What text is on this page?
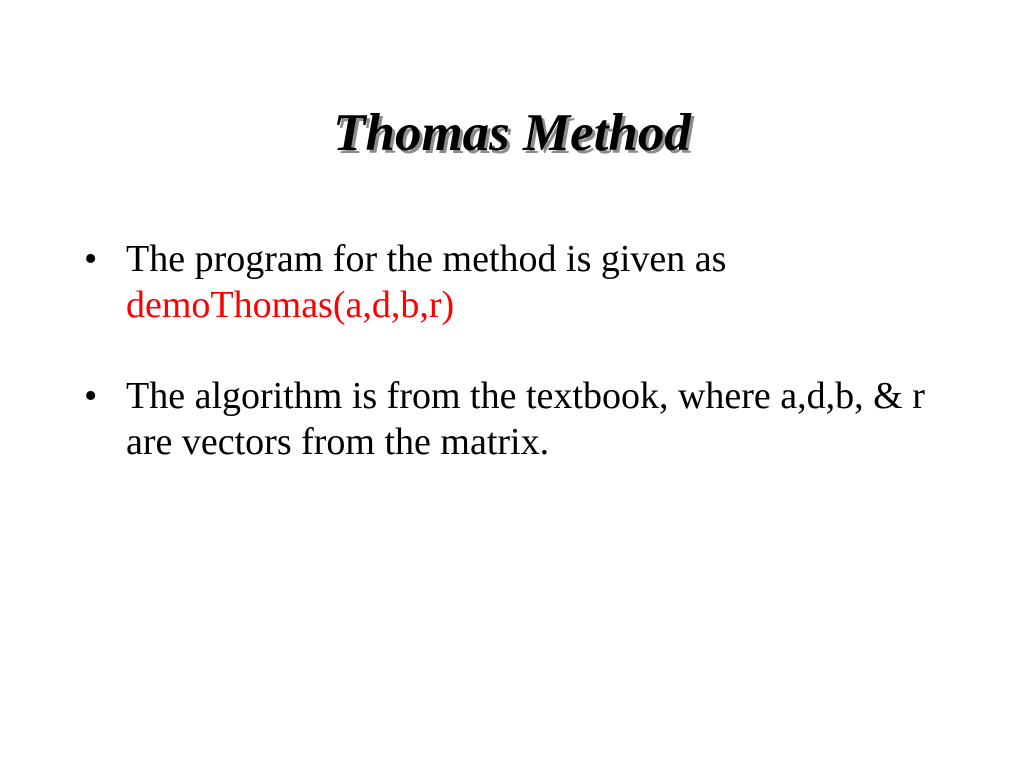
Thomas Method
• The program for the method is given as
demoThomas(a,d,b,r)
• The algorithm is from the textbook, where a,d,b, & r are vectors from the matrix.
